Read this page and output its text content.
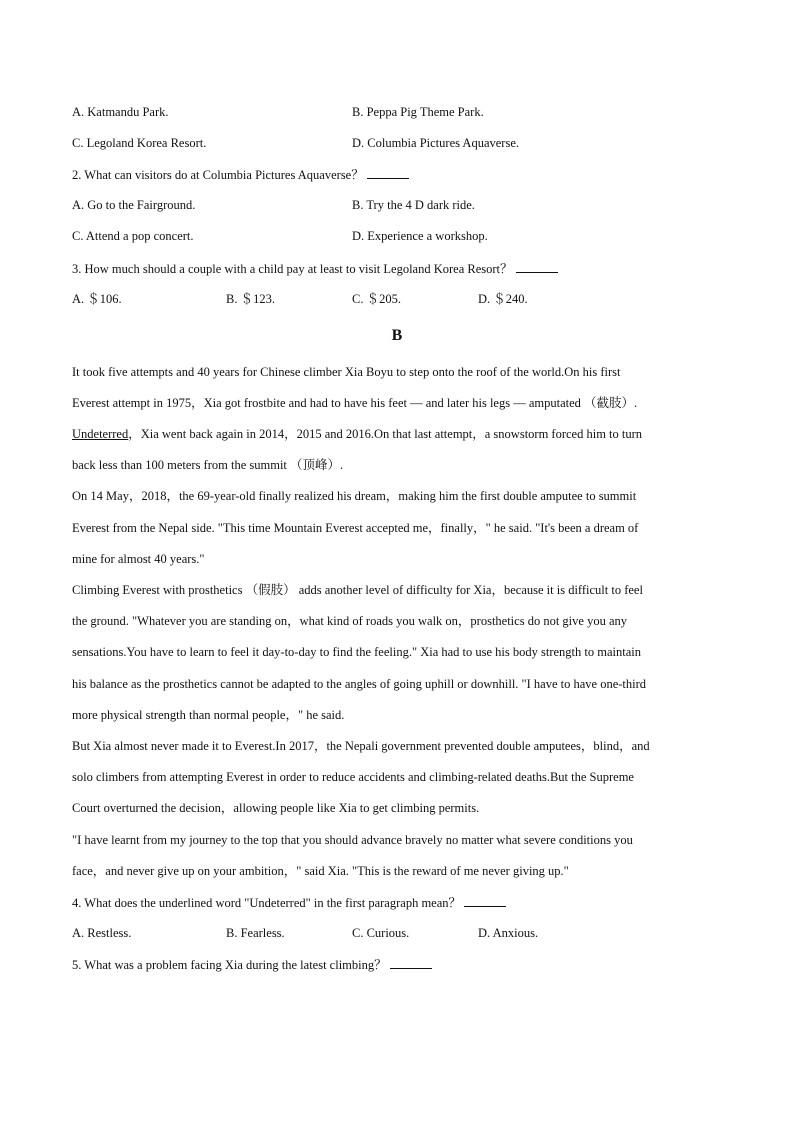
A. Katmandu Park.	B. Peppa Pig Theme Park.
C. Legoland Korea Resort.	D. Columbia Pictures Aquaverse.
2. What can visitors do at Columbia Pictures Aquaverse？
A. Go to the Fairground.	B. Try the 4 D dark ride.
C. Attend a pop concert.	D. Experience a workshop.
3. How much should a couple with a child pay at least to visit Legoland Korea Resort？
A. ＄106.	B. ＄123.	C. ＄205.	D. ＄240.
B
It took five attempts and 40 years for Chinese climber Xia Boyu to step onto the roof of the world.On his first
Everest attempt in 1975，Xia got frostbite and had to have his feet — and later his legs — amputated （截肢）.
Undeterred，Xia went back again in 2014，2015 and 2016.On that last attempt，a snowstorm forced him to turn
back less than 100 meters from the summit （顶峰）.
On 14 May，2018，the 69-year-old finally realized his dream，making him the first double amputee to summit
Everest from the Nepal side. "This time Mountain Everest accepted me，finally，" he said. "It's been a dream of
mine for almost 40 years."
Climbing Everest with prosthetics （假肢） adds another level of difficulty for Xia，because it is difficult to feel
the ground. "Whatever you are standing on，what kind of roads you walk on，prosthetics do not give you any
sensations.You have to learn to feel it day-to-day to find the feeling." Xia had to use his body strength to maintain
his balance as the prosthetics cannot be adapted to the angles of going uphill or downhill. "I have to have one-third
more physical strength than normal people，" he said.
But Xia almost never made it to Everest.In 2017，the Nepali government prevented double amputees，blind，and
solo climbers from attempting Everest in order to reduce accidents and climbing-related deaths.But the Supreme
Court overturned the decision，allowing people like Xia to get climbing permits.
"I have learnt from my journey to the top that you should advance bravely no matter what severe conditions you
face，and never give up on your ambition，" said Xia. "This is the reward of me never giving up."
4. What does the underlined word "Undeterred" in the first paragraph mean？
A. Restless.	B. Fearless.	C. Curious.	D. Anxious.
5. What was a problem facing Xia during the latest climbing？
